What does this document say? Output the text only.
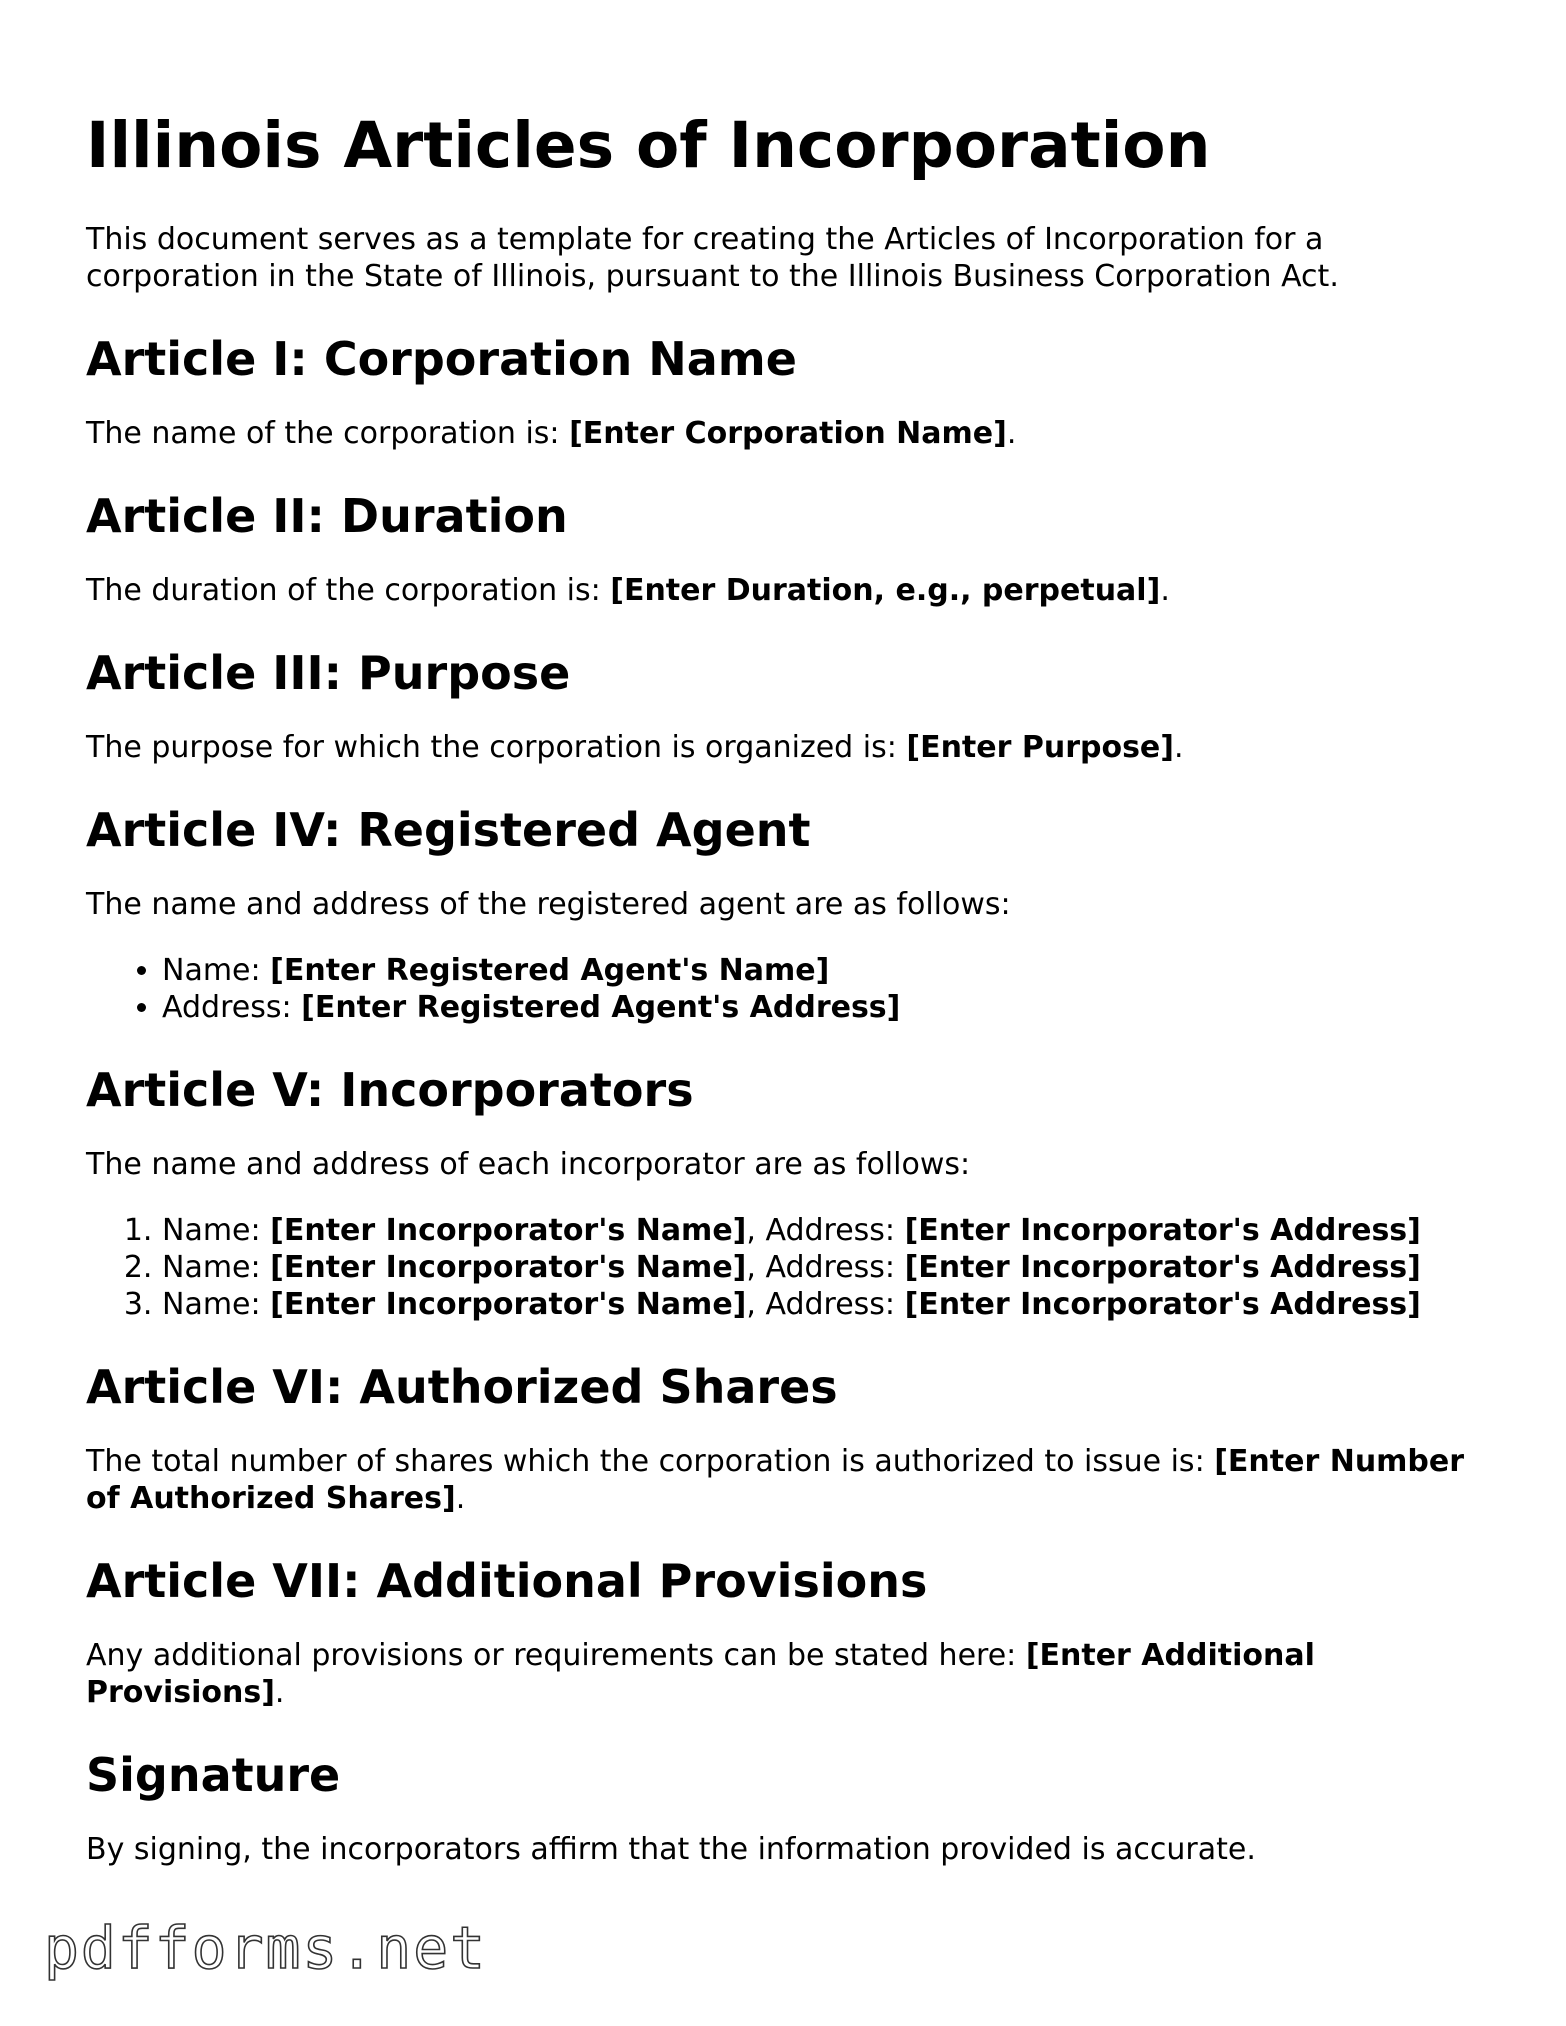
Illinois Articles of Incorporation

This document serves as a template for creating the Articles of Incorporation for a corporation in the State of Illinois, pursuant to the Illinois Business Corporation Act.

Article I: Corporation Name

The name of the corporation is: [Enter Corporation Name].

Article II: Duration

The duration of the corporation is: [Enter Duration, e.g., perpetual].

Article III: Purpose

The purpose for which the corporation is organized is: [Enter Purpose].

Article IV: Registered Agent

The name and address of the registered agent are as follows:

• Name: [Enter Registered Agent's Name]
• Address: [Enter Registered Agent's Address]
Article V: Incorporators

The name and address of each incorporator are as follows:

1. Name: [Enter Incorporator's Name], Address: [Enter Incorporator's Address]
2. Name: [Enter Incorporator's Name], Address: [Enter Incorporator's Address]
3. Name: [Enter Incorporator's Name], Address: [Enter Incorporator's Address]
Article VI: Authorized Shares

The total number of shares which the corporation is authorized to issue is: [Enter Number of Authorized Shares].

Article VII: Additional Provisions

Any additional provisions or requirements can be stated here: [Enter Additional Provisions].

Signature

By signing, the incorporators affirm that the information provided is accurate.

pdfforms.net
